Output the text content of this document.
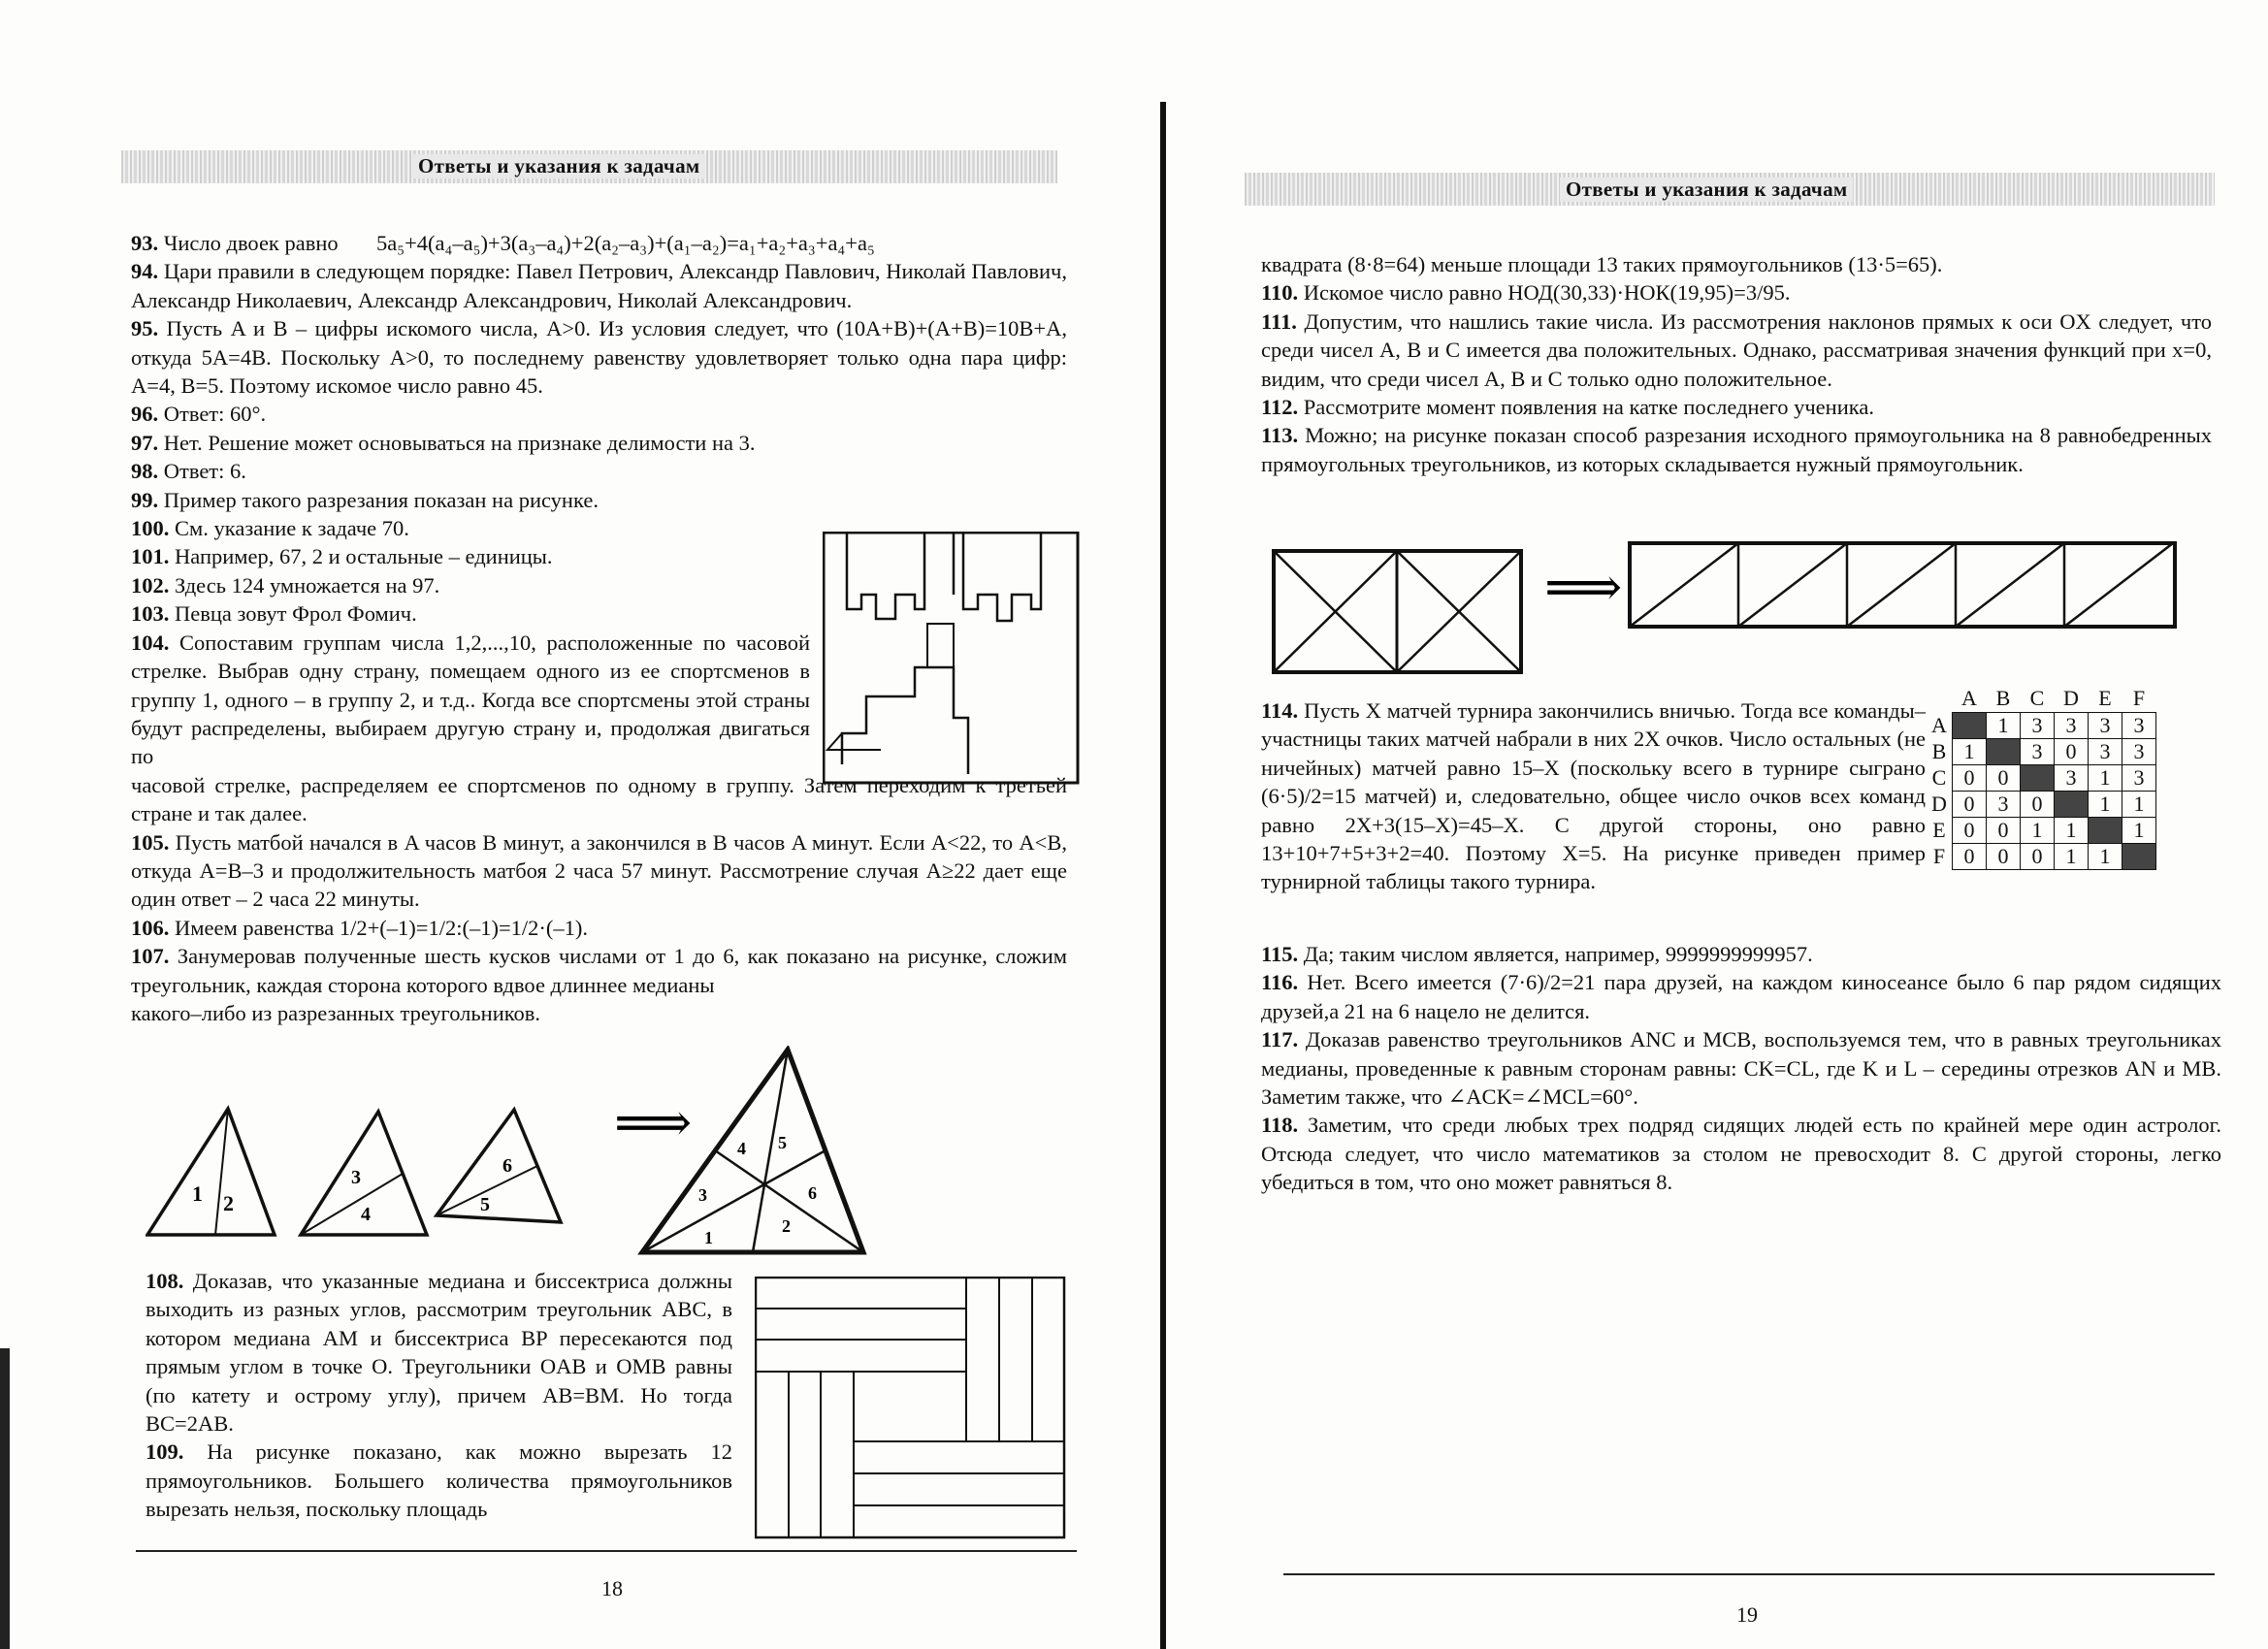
Ответы и указания к задачам

93. Число двоек равно       5a₅+4(a₄–a₅)+3(a₃–a₄)+2(a₂–a₃)+(a₁–a₂)=a₁+a₂+a₃+a₄+a₅

94. Цари правили в следующем порядке: Павел Петрович, Александр Павлович, Николай Павлович, Александр Николаевич, Александр Александрович, Николай Александрович.

95. Пусть A и B – цифры искомого числа, A>0. Из условия следует, что (10A+B)+(A+B)=10B+A, откуда 5A=4B. Поскольку A>0, то последнему равенству удовлетворяет только одна пара цифр: A=4, B=5. Поэтому искомое число равно 45.

96. Ответ: 60°.

97. Нет. Решение может основываться на признаке делимости на 3.

98. Ответ: 6.

99. Пример такого разрезания показан на рисунке.

100. См. указание к задаче 70.

101. Например, 67, 2 и остальные – единицы.

102. Здесь 124 умножается на 97.

103. Певца зовут Фрол Фомич.

104. Сопоставим группам числа 1,2,...,10, расположенные по часовой стрелке. Выбрав одну страну, помещаем одного из ее спортсменов в группу 1, одного – в группу 2, и т.д.. Когда все спортсмены этой страны будут распределены, выбираем другую страну и, продолжая двигаться по

часовой стрелке, распределяем ее спортсменов по одному в группу. Затем переходим к третьей стране и так далее.

105. Пусть матбой начался в A часов B минут, а закончился в B часов A минут. Если A<22, то A<B, откуда A=B–3 и продолжительность матбоя 2 часа 57 минут. Рассмотрение случая A≥22 дает еще один ответ – 2 часа 22 минуты.

106. Имеем равенства 1/2+(–1)=1/2:(–1)=1/2·(–1).

107. Занумеровав полученные шесть кусков числами от 1 до 6, как показано на рисунке, сложим треугольник, каждая сторона которого вдвое длиннее медианы

какого–либо из разрезанных треугольников.

1 2
3
4
6
5
⟹	4 5
3	6
1
2

108. Доказав, что указанные медиана и биссектриса должны выходить из разных углов, рассмотрим треугольник ABC, в котором медиана AM и биссектриса BP пересекаются под прямым углом в точке O. Треугольники OAB и OMB равны (по катету и острому углу), причем AB=BM. Но тогда BC=2AB.

109. На рисунке показано, как можно вырезать 12 прямоугольников. Большего количества прямоугольников вырезать нельзя, поскольку площадь

18
Ответы и указания к задачам

квадрата (8·8=64) меньше площади 13 таких прямоугольников (13·5=65).

110. Искомое число равно НОД(30,33)·НОК(19,95)=3/95.

111. Допустим, что нашлись такие числа. Из рассмотрения наклонов прямых к оси OX следует, что среди чисел A, B и C имеется два положительных. Однако, рассматривая значения функций при x=0, видим, что среди чисел A, B и C только одно положительное.

112. Рассмотрите момент появления на катке последнего ученика.

113. Можно; на рисунке показан способ разрезания исходного прямоугольника на 8 равнобедренных прямоугольных треугольников, из которых складывается нужный прямоугольник.

⟹

114. Пусть X матчей турнира закончились вничью. Тогда все команды–участницы таких матчей набрали в них 2X очков. Число остальных (не ничейных) матчей равно 15–X (поскольку всего в турнире сыграно (6·5)/2=15 матчей) и, следовательно, общее число очков всех команд равно 2X+3(15–X)=45–X. С другой стороны, оно равно 13+10+7+5+3+2=40. Поэтому X=5. На рисунке приведен пример турнирной таблицы такого турнира.

	A	B	C	D	E	F
A		1	3	3	3	3
B	1		3	0	3	3
C	0	0		3	1	3
D	0	3	0		1	1
E	0	0	1	1		1
F	0	0	0	1	1	

115. Да; таким числом является, например, 9999999999957.

116. Нет. Всего имеется (7·6)/2=21 пара друзей, на каждом киносеансе было 6 пар рядом сидящих друзей,а 21 на 6 нацело не делится.

117. Доказав равенство треугольников ANC и MCB, воспользуемся тем, что в равных треугольниках медианы, проведенные к равным сторонам равны: CK=CL, где K и L – середины отрезков AN и MB. Заметим также, что ∠ACK=∠MCL=60°.

118. Заметим, что среди любых трех подряд сидящих людей есть по крайней мере один астролог. Отсюда следует, что число математиков за столом не превосходит 8. С другой стороны, легко убедиться в том, что оно может равняться 8.

19
